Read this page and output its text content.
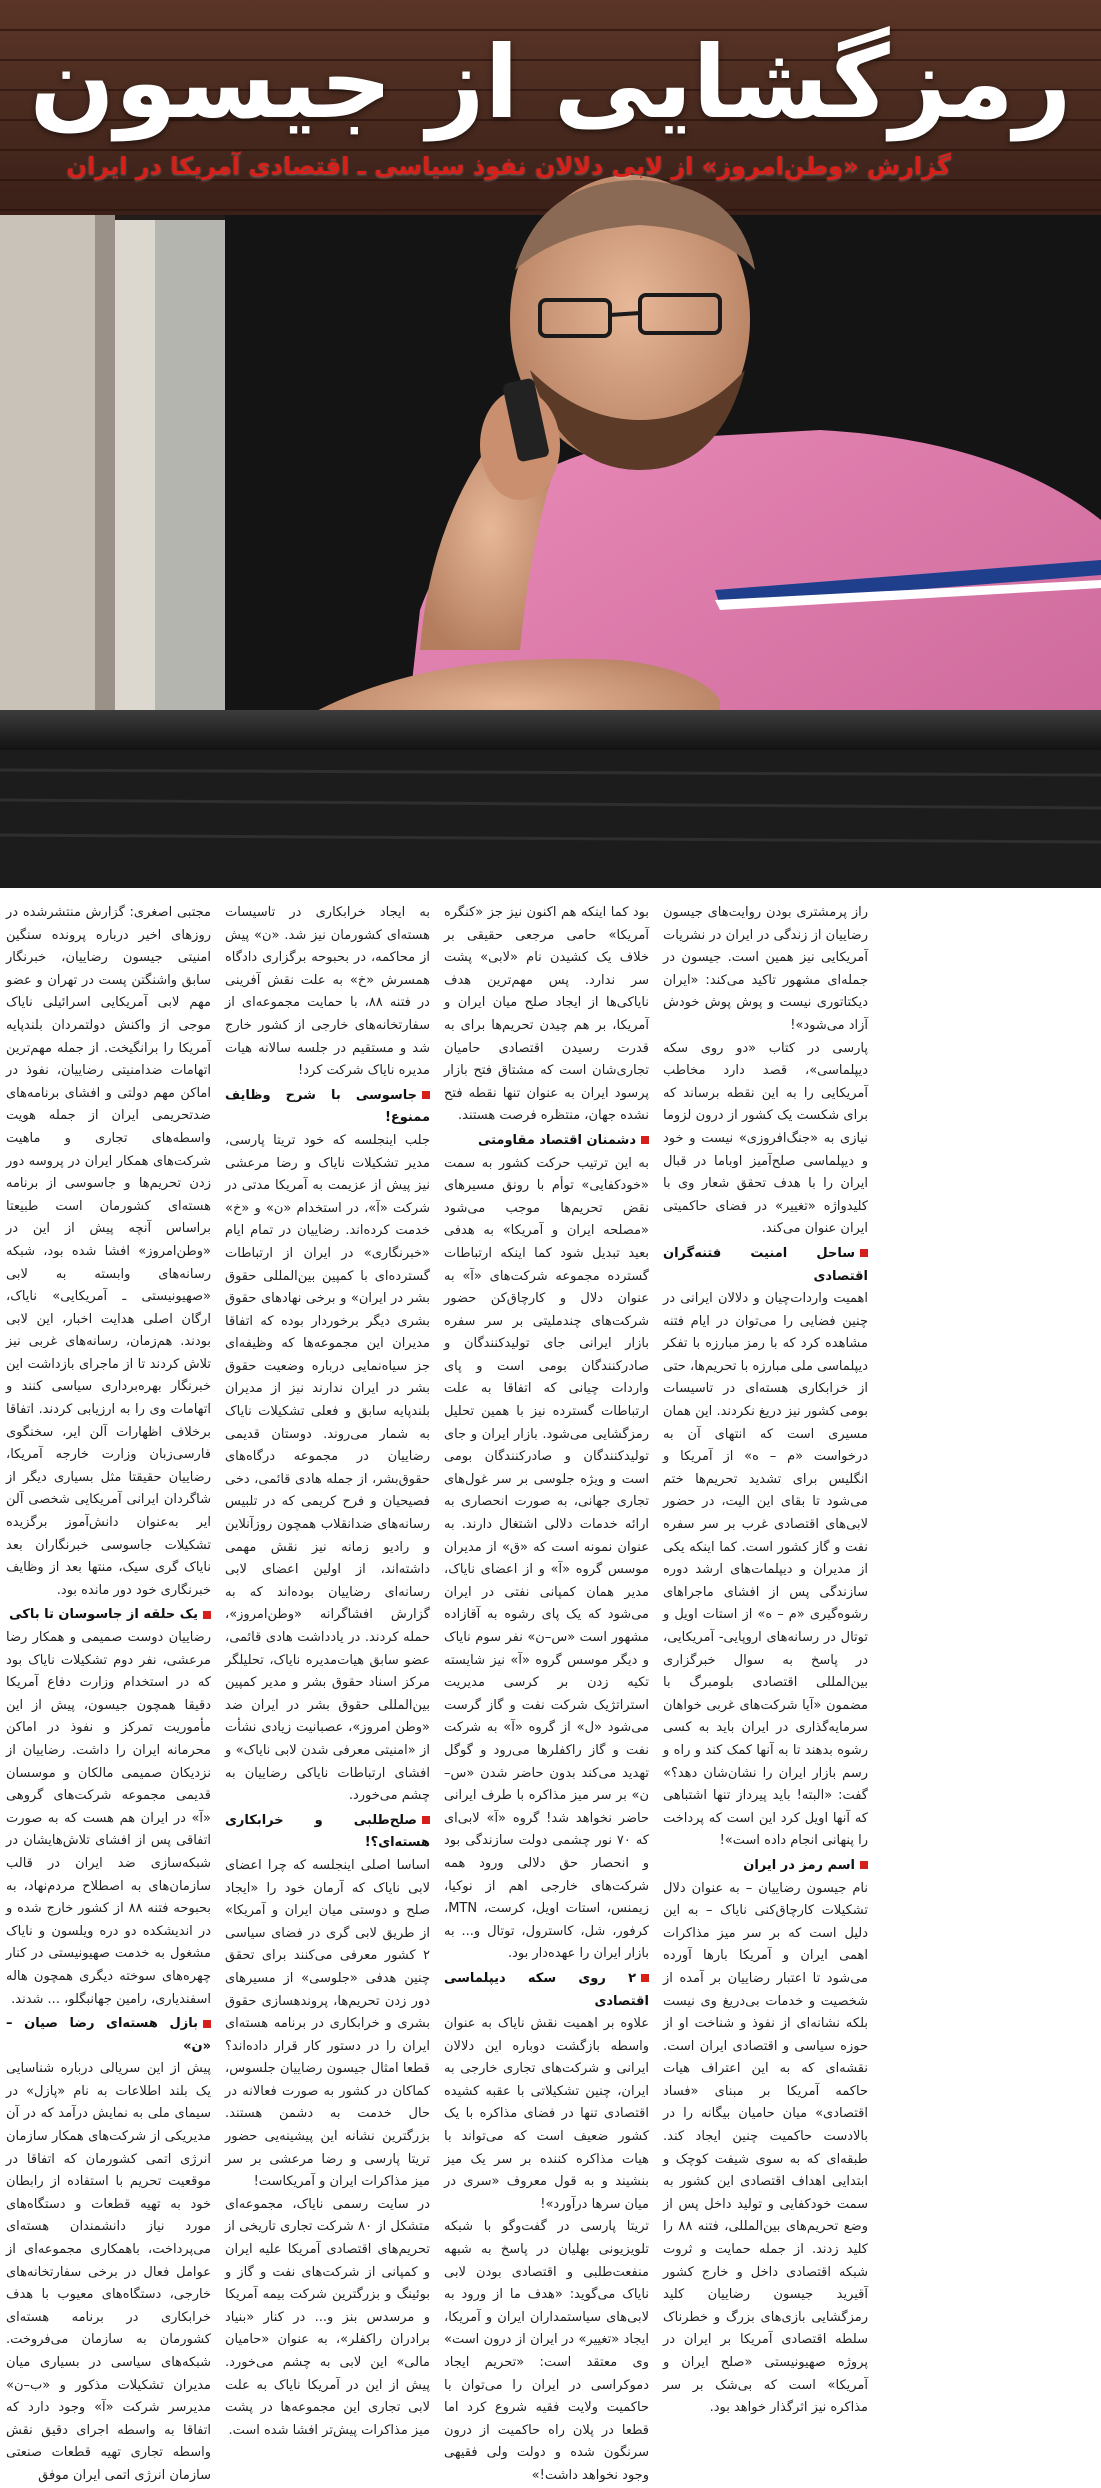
رمزگشایی از جیسون
گزارش «وطن‌امروز» از لابی دلالان نفوذ سیاسی ـ اقتصادی آمریکا در ایران

مجتبی اصغری: گزارش منتشرشده در روزهای اخیر درباره پرونده سنگین امنیتی جیسون رضاییان، خبرنگار سابق واشنگتن پست در تهران و عضو مهم لابی آمریکایی اسرائیلی نایاک موجی از واکنش دولتمردان بلندپایه آمریکا را برانگیخت. از جمله مهم‌ترین اتهامات ضدامنیتی رضاییان، نفوذ در اماکن مهم دولتی و افشای برنامه‌های ضدتحریمی ایران از جمله هویت واسطه‌های تجاری و ماهیت شرکت‌های همکار ایران در پروسه دور زدن تحریم‌ها و جاسوسی از برنامه هسته‌ای کشورمان است طبیعتا براساس آنچه پیش از این در «وطن‌امروز» افشا شده بود، شبکه رسانه‌های وابسته به لابی «صهیونیستی ـ آمریکایی» نایاک، ارگان اصلی هدایت اخبار، این لابی بودند. هم‌زمان، رسانه‌های غربی نیز تلاش کردند تا از ماجرای بازداشت این خبرنگار بهره‌برداری سیاسی کنند و اتهامات وی را به ارزیابی کردند. اتفاقا برخلاف اظهارات آلن ایر، سخنگوی فارسی‌زبان وزارت خارجه آمریکا، رضاییان حقیقتا مثل بسیاری دیگر از شاگردان ایرانی آمریکایی شخصی آلن ایر به‌عنوان دانش‌آموز برگزیده تشکیلات جاسوسی خبرنگاران بعد نایاک گری سیک، منتها بعد از وظایف خبرنگاری خود دور مانده بود.

یک حلقه از جاسوسان تا باکی

رضاییان دوست صمیمی و همکار رضا مرعشی، نفر دوم تشکیلات نایاک بود که در استخدام وزارت دفاع آمریکا دقیقا همچون جیسون، پیش از این مأموریت تمرکز و نفوذ در اماکن محرمانه ایران را داشت. رضاییان از نزدیکان صمیمی مالکان و موسسان قدیمی مجموعه شرکت‌های گروهی «آ» در ایران هم هست که به صورت اتفاقی پس از افشای تلاش‌هایشان در شبکه‌سازی ضد ایران در قالب سازمان‌های به اصطلاح مردم‌نهاد، به بحبوحه فتنه ۸۸ از کشور خارج شده و در اندیشکده دو دره ویلسون و نایاک مشغول به خدمت صهیونیستی در کنار چهره‌های سوخته دیگری همچون هاله اسفندیاری، رامین جهانبگلو، ... شدند.

بازل هسته‌ای رضا صیان – «ن»

پیش از این سریالی درباره شناسایی یک بلند اطلاعات به نام «پازل» در سیمای ملی به نمایش درآمد که در آن مدیریکی از شرکت‌های همکار سازمان انرژی اتمی کشورمان که اتفاقا در موقعیت تحریم با استفاده از رابطان خود به تهیه قطعات و دستگاه‌های مورد نیاز دانشمندان هسته‌ای می‌پرداخت، باهمکاری مجموعه‌ای از عوامل فعال در برخی سفارتخانه‌های خارجی، دستگاه‌های معیوب با هدف خرابکاری در برنامه هسته‌ای کشورمان به سازمان می‌فروخت. شبکه‌های سیاسی در بسیاری میان مدیران تشکیلات مذکور و «ب–ن» مدیرسر شرکت «آ» وجود دارد که اتفاقا به واسطه اجرای دقیق نقش واسطه تجاری تهیه قطعات صنعتی سازمان انرژی اتمی ایران موفق

به ایجاد خرابکاری در تاسیسات هسته‌ای کشورمان نیز شد. «ن» پیش از محاکمه، در بحبوحه برگزاری دادگاه همسرش «خ» به علت نقش آفرینی در فتنه ۸۸، با حمایت مجموعه‌ای از سفارتخانه‌های خارجی از کشور خارج شد و مستقیم در جلسه سالانه هیات مدیره نایاک شرکت کرد!

جاسوسی با شرح وظایف ممنوع!

جلب اینجلسه که خود تریتا پارسی، مدیر تشکیلات نایاک و رضا مرعشی نیز پیش از عزیمت به آمریکا مدتی در شرکت «آ»، در استخدام «ن» و «خ» خدمت کرده‌اند. رضاییان در تمام ایام «خبرنگاری» در ایران از ارتباطات گسترده‌ای با کمپین بین‌المللی حقوق بشر در ایران» و برخی نهادهای حقوق بشری دیگر برخوردار بوده که اتفاقا مدیران این مجموعه‌ها که وظیفه‌ای جز سیاه‌نمایی درباره وضعیت حقوق بشر در ایران ندارند نیز از مدیران بلندپایه سابق و فعلی تشکیلات نایاک به شمار می‌روند. دوستان قدیمی رضاییان در مجموعه درگاه‌های حقوق‌بشر، از جمله هادی قائمی، دخی فصیحیان و فرح کریمی که در تلبیس رسانه‌های ضدانقلاب همچون روزآنلاین و رادیو زمانه نیز نقش مهمی داشته‌اند، از اولین اعضای لابی رسانه‌ای رضاییان بوده‌اند که به گزارش افشاگرانه «وطن‌امروز»، حمله کردند. در یادداشت هادی قائمی، عضو سابق هیات‌مدیره نایاک، تحلیلگر مرکز اسناد حقوق بشر و مدیر کمپین بین‌المللی حقوق بشر در ایران ضد «وطن امروز»، عصبانیت زیادی نشأت از «امنیتی معرفی شدن لابی نایاک» و افشای ارتباطات نایاکی رضاییان به چشم می‌خورد.

صلح‌طلبی و خرابکاری هسته‌ای؟!

اساسا اصلی اینجلسه که چرا اعضای لابی نایاک که آرمان خود را «ایجاد صلح و دوستی میان ایران و آمریکا» از طریق لابی گری در فضای سیاسی ۲ کشور معرفی می‌کنند برای تحقق چنین هدفی «جلوسی» از مسیرهای دور زدن تحریم‌ها، پروندهسازی حقوق بشری و خرابکاری در برنامه هسته‌ای ایران را در دستور کار قرار داده‌اند؟ قطعا امثال جیسون رضاییان جلسوس، کماکان در کشور به صورت فعالانه در حال خدمت به دشمن هستند. بزرگترین نشانه این پیشینه‌یی حضور تریتا پارسی و رضا مرعشی بر سر میز مذاکرات ایران و آمریکاست!

در سایت رسمی نایاک، مجموعه‌ای متشکل از ۸۰ شرکت تجاری تاریخی از تحریم‌های اقتصادی آمریکا علیه ایران و کمپانی از شرکت‌های نفت و گاز و بوئینگ و بزرگترین شرکت بیمه آمریکا و مرسدس بنز و... در کنار «بنیاد برادران راکفلر»، به عنوان «حامیان مالی» این لابی به چشم می‌خورد. پیش از این در آمریکا نایاک به علت لابی تجاری این مجموعه‌ها در پشت میز مذاکرات پیش‌تر افشا شده است.

بود کما اینکه هم اکنون نیز جز «کنگره آمریکا» حامی مرجعی حقیقی بر خلاف یک کشیدن نام «لابی» پشت سر ندارد. پس مهم‌ترین هدف نایاکی‌ها از ایجاد صلح میان ایران و آمریکا، بر هم چیدن تحریم‌ها برای به قدرت رسیدن اقتصادی حامیان تجاری‌شان است که مشتاق فتح بازار پرسود ایران به عنوان تنها نقطه فتح نشده جهان، منتظره فرصت هستند.

دشمنان اقتصاد مقاومتی

به این ترتیب حرکت کشور به سمت «خودکفایی» توأم با رونق مسیرهای نقض تحریم‌ها موجب می‌شود «مصلحه ایران و آمریکا» به هدفی بعید تبدیل شود کما اینکه ارتباطات گسترده مجموعه شرکت‌های «آ» به عنوان دلال و کارچاق‌کن حضور شرکت‌های چندملیتی بر سر سفره بازار ایرانی جای تولیدکنندگان و صادرکنندگان بومی است و پای واردات چیانی که اتفاقا به علت ارتباطات گسترده نیز با همین تحلیل رمزگشایی می‌شود. بازار ایران و جای تولیدکنندگان و صادرکنندگان بومی است و ویژه جلوسی بر سر غول‌های تجاری جهانی، به صورت انحصاری به ارائه خدمات دلالی اشتغال دارند. به عنوان نمونه است که «ق» از مدیران موسس گروه «آ» و از اعضای نایاک، مدیر همان کمپانی نفتی در ایران می‌شود که یک پای رشوه به آقازاده مشهور است «س–ن» نفر سوم نایاک و دیگر موسس گروه «آ» نیز شایسته تکیه زدن بر کرسی مدیریت استراتژیک شرکت نفت و گاز گرست می‌شود «ل» از گروه «آ» به شرکت نفت و گاز راکفلرها می‌رود و گوگل تهدید می‌کند بدون حاضر شدن «س–ن» بر سر میز مذاکره با طرف ایرانی حاضر نخواهد شد! گروه «آ» لابی‌ای که ۷۰ نور چشمی دولت سازندگی بود و انحصار حق دلالی ورود همه شرکت‌های خارجی اهم از نوکیا، زیمنس، استات اویل، کرست، MTN، کرفور، شل، کاسترول، توتال و... به بازار ایران را عهده‌دار بود.

۲ روی سکه دیپلماسی اقتصادی

علاوه بر اهمیت نقش نایاک به عنوان واسطه بازگشت دوباره این دلالان ایرانی و شرکت‌های تجاری خارجی به ایران، چنین تشکیلاتی با عقبه کشیده اقتصادی تنها در فضای مذاکره با یک کشور ضعیف است که می‌تواند با هیات مذاکره کننده بر سر یک میز بنشیند و به قول معروف «سری در میان سرها درآورد»!

تریتا پارسی در گفت‌وگو با شبکه تلویزیونی بهلیان در پاسخ به شبهه منفعت‌طلبی و اقتصادی بودن لابی نایاک می‌گوید: «هدف ما از ورود به لابی‌های سیاستمداران ایران و آمریکا، ایجاد «تغییر» در ایران از درون است» وی معتقد است: «تحریم ایجاد دموکراسی در ایران را می‌توان با حاکمیت ولایت فقیه شروع کرد اما قطعا در پلان راه حاکمیت از درون سرنگون شده و دولت ولی فقیهی وجود نخواهد داشت!»

راز پرمشتری بودن روایت‌های جیسون رضاییان از زندگی در ایران در نشریات آمریکایی نیز همین است. جیسون در جمله‌ای مشهور تاکید می‌کند: «ایران دیکتاتوری نیست و پوش پوش خودش آزاد می‌شود»!

پارسی در کتاب «دو روی سکه دیپلماسی»، قصد دارد مخاطب آمریکایی را به این نقطه برساند که برای شکست یک کشور از درون لزوما نیازی به «جنگ‌افروزی» نیست و خود و دیپلماسی صلح‌آمیز اوباما در قبال ایران را با هدف تحقق شعار وی با کلیدواژه «تغییر» در فضای حاکمیتی ایران عنوان می‌کند.

ساحل امنیت فتنه‌گران اقتصادی

اهمیت واردات‌چیان و دلالان ایرانی در چنین فضایی را می‌توان در ایام فتنه مشاهده کرد که با رمز مبارزه با تفکر دیپلماسی ملی مبارزه با تحریم‌ها، حتی از خرابکاری هسته‌ای در تاسیسات بومی کشور نیز دریغ نکردند. این همان مسیری است که انتهای آن به درخواست «م – ه» از آمریکا و انگلیس برای تشدید تحریم‌ها ختم می‌شود تا بقای این الیت، در حضور لابی‌های اقتصادی غرب بر سر سفره نفت و گاز کشور است. کما اینکه یکی از مدیران و دیپلمات‌های ارشد دوره سازندگی پس از افشای ماجراهای رشوه‌گیری «م – ه» از استات اویل و توتال در رسانه‌های اروپایی- آمریکایی، در پاسخ به سوال خبرگزاری بین‌المللی اقتصادی بلومبرگ با مضمون «آیا شرکت‌های غربی خواهان سرمایه‌گذاری در ایران باید به کسی رشوه بدهند تا به آنها کمک کند و راه و رسم بازار ایران را نشان‌شان دهد؟» گفت: «البته! باید پیرداز تنها اشتباهی که آنها اویل کرد این است که پرداخت را پنهانی انجام داده است»!

اسم رمز در ایران

نام جیسون رضاییان – به عنوان دلال تشکیلات کارچاق‌کنی نایاک – به این دلیل است که بر سر میز مذاکرات اهمی ایران و آمریکا بارها آورده می‌شود تا اعتبار رضاییان بر آمده از شخصیت و خدمات بی‌دریغ وی نیست بلکه نشانه‌ای از نفوذ و شناخت او از حوزه سیاسی و اقتصادی ایران است. نقشه‌ای که به این اعتراف هیات حاکمه آمریکا بر مبنای «فساد اقتصادی» میان حامیان بیگانه را در بالادست حاکمیت چنین ایجاد کند. طبقه‌ای که به سوی شیفت کوچک و ابتدایی اهداف اقتصادی این کشور به سمت خودکفایی و تولید داخل پس از وضع تحریم‌های بین‌المللی، فتنه ۸۸ را کلید زدند. از جمله حمایت و ثروت شبکه اقتصادی داخل و خارج کشور آقیرید جیسون رضاییان کلید رمزگشایی بازی‌های بزرگ و خطرناک سلطه اقتصادی آمریکا بر ایران در پروژه صهیونیستی «صلح ایران و آمریکا» است که بی‌شک بر سر مذاکره نیز اثرگذار خواهد بود.
